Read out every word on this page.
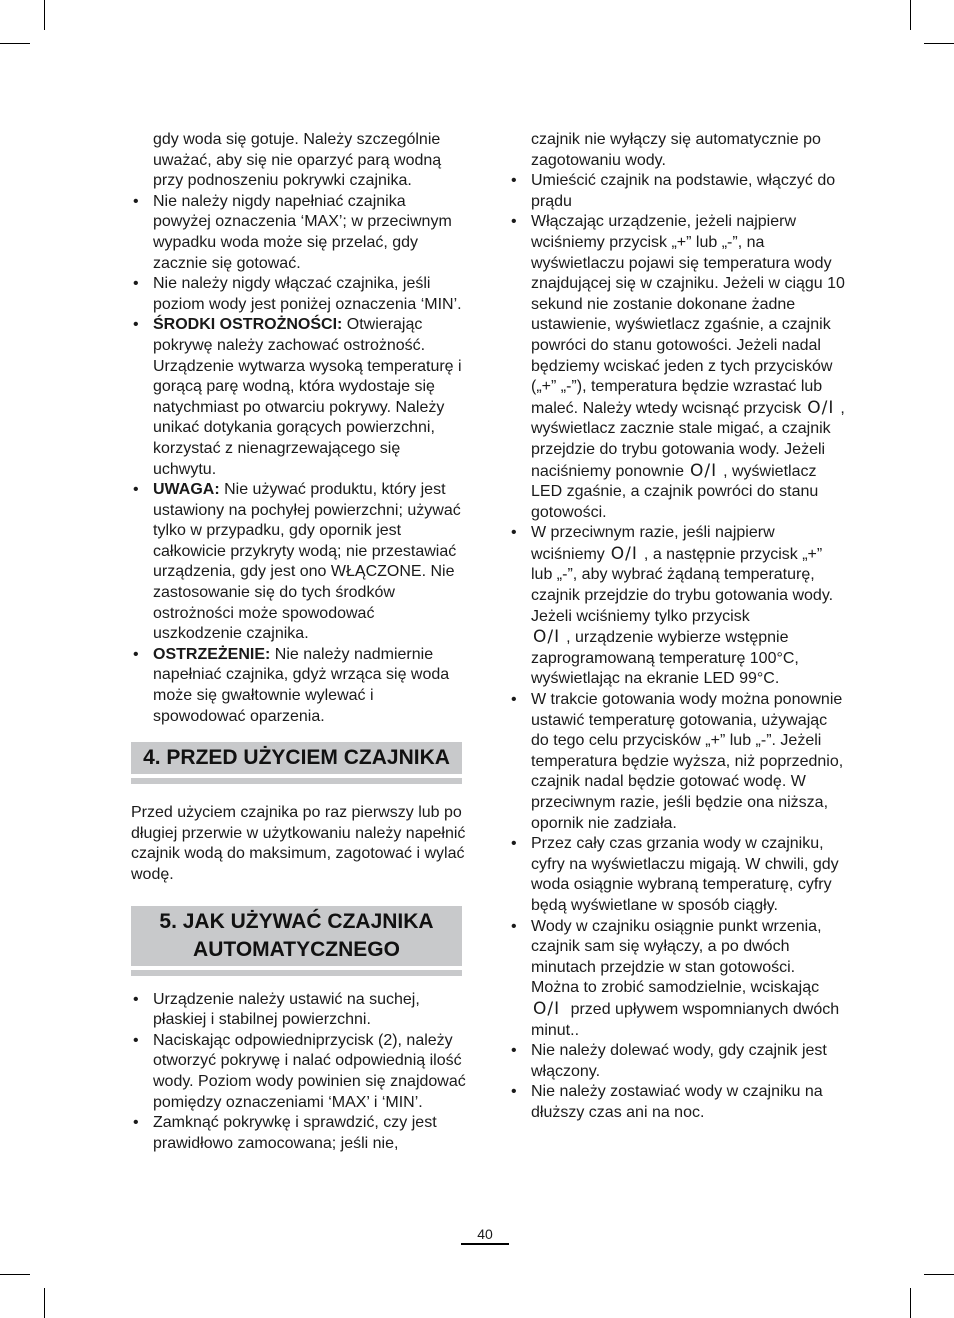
gdy woda się gotuje. Należy szczególnie uważać, aby się nie oparzyć parą wodną przy podnoszeniu pokrywki czajnika.

• Nie należy nigdy napełniać czajnika powyżej oznaczenia ‘MAX’; w przeciwnym wypadku woda może się przelać, gdy zacznie się gotować.
• Nie należy nigdy włączać czajnika, jeśli poziom wody jest poniżej oznaczenia ‘MIN’.
• ŚRODKI OSTROŻNOŚCI: Otwierając pokrywę należy zachować ostrożność. Urządzenie wytwarza wysoką temperaturę i gorącą parę wodną, która wydostaje się natychmiast po otwarciu pokrywy. Należy unikać dotykania gorących powierzchni, korzystać z nienagrzewającego się uchwytu.
• UWAGA: Nie używać produktu, który jest ustawiony na pochyłej powierzchni; używać tylko w przypadku, gdy opornik jest całkowicie przykryty wodą; nie przestawiać urządzenia, gdy jest ono WŁĄCZONE. Nie zastosowanie się do tych środków ostrożności może spowodować uszkodzenie czajnika.
• OSTRZEŻENIE: Nie należy nadmiernie napełniać czajnika, gdyż wrząca się woda może się gwałtownie wylewać i spowodować oparzenia.
4. PRZED UŻYCIEM CZAJNIKA

Przed użyciem czajnika po raz pierwszy lub po długiej przerwie w użytkowaniu należy napełnić czajnik wodą do maksimum, zagotować i wylać wodę.

5. JAK UŻYWAĆ CZAJNIKA
AUTOMATYCZNEGO
• Urządzenie należy ustawić na suchej, płaskiej i stabilnej powierzchni.
• Naciskając odpowiedniprzycisk (2), należy otworzyć pokrywę i nalać odpowiednią ilość wody. Poziom wody powinien się znajdować pomiędzy oznaczeniami ‘MAX’ i ‘MIN’.
• Zamknąć pokrywkę i sprawdzić, czy jest prawidłowo zamocowana; jeśli nie,

czajnik nie wyłączy się automatycznie po zagotowaniu wody.

• Umieścić czajnik na podstawie, włączyć do prądu
• Włączając urządzenie, jeżeli najpierw wciśniemy przycisk „+” lub „-”, na wyświetlaczu pojawi się temperatura wody znajdującej się w czajniku. Jeżeli w ciągu 10 sekund nie zostanie dokonane żadne ustawienie, wyświetlacz zgaśnie, a czajnik powróci do stanu gotowości. Jeżeli nadal będziemy wciskać jeden z tych przycisków („+” „-”), temperatura będzie wzrastać lub maleć. Należy wtedy wcisnąć przycisk O/I , wyświetlacz zacznie stale migać, a czajnik przejdzie do trybu gotowania wody. Jeżeli naciśniemy ponownie O/I , wyświetlacz LED zgaśnie, a czajnik powróci do stanu gotowości.
• W przeciwnym razie, jeśli najpierw wciśniemy O/I , a następnie przycisk „+” lub „-”, aby wybrać żądaną temperaturę, czajnik przejdzie do trybu gotowania wody. Jeżeli wciśniemy tylko przycisk
O/I , urządzenie wybierze wstępnie zaprogramowaną temperaturę 100°C, wyświetlając na ekranie LED 99°C.
• W trakcie gotowania wody można ponownie ustawić temperaturę gotowania, używając do tego celu przycisków „+” lub „-”. Jeżeli temperatura będzie wyższa, niż poprzednio, czajnik nadal będzie gotować wodę. W przeciwnym razie, jeśli będzie ona niższa, opornik nie zadziała.
• Przez cały czas grzania wody w czajniku, cyfry na wyświetlaczu migają. W chwili, gdy woda osiągnie wybraną temperaturę, cyfry będą wyświetlane w sposób ciągły.
• Wody w czajniku osiągnie punkt wrzenia, czajnik sam się wyłączy, a po dwóch minutach przejdzie w stan gotowości. Można to zrobić samodzielnie, wciskając
O/I przed upływem wspomnianych dwóch minut..
• Nie należy dolewać wody, gdy czajnik jest włączony.
• Nie należy zostawiać wody w czajniku na dłuższy czas ani na noc.
40
